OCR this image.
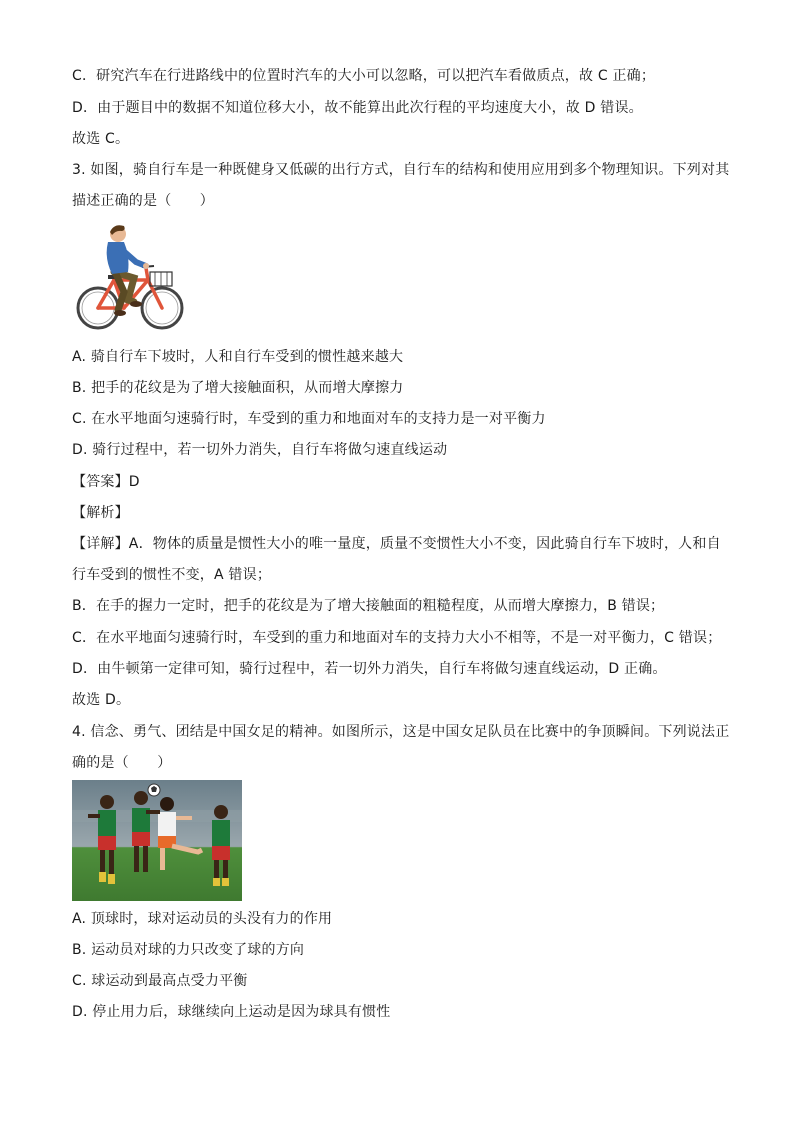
C．研究汽车在行进路线中的位置时汽车的大小可以忽略，可以把汽车看做质点，故 C 正确；
D．由于题目中的数据不知道位移大小，故不能算出此次行程的平均速度大小，故 D 错误。
故选 C。
3. 如图，骑自行车是一种既健身又低碳的出行方式，自行车的结构和使用应用到多个物理知识。下列对其
描述正确的是（　　）
A. 骑自行车下坡时，人和自行车受到的惯性越来越大
B. 把手的花纹是为了增大接触面积，从而增大摩擦力
C. 在水平地面匀速骑行时，车受到的重力和地面对车的支持力是一对平衡力
D. 骑行过程中，若一切外力消失，自行车将做匀速直线运动
【答案】D
【解析】
【详解】A．物体的质量是惯性大小的唯一量度，质量不变惯性大小不变，因此骑自行车下坡时，人和自
行车受到的惯性不变，A 错误；
B．在手的握力一定时，把手的花纹是为了增大接触面的粗糙程度，从而增大摩擦力，B 错误；
C．在水平地面匀速骑行时，车受到的重力和地面对车的支持力大小不相等，不是一对平衡力，C 错误；
D．由牛顿第一定律可知，骑行过程中，若一切外力消失，自行车将做匀速直线运动，D 正确。
故选 D。
4. 信念、勇气、团结是中国女足的精神。如图所示，这是中国女足队员在比赛中的争顶瞬间。下列说法正
确的是（　　）
A. 顶球时，球对运动员的头没有力的作用
B. 运动员对球的力只改变了球的方向
C. 球运动到最高点受力平衡
D. 停止用力后，球继续向上运动是因为球具有惯性
